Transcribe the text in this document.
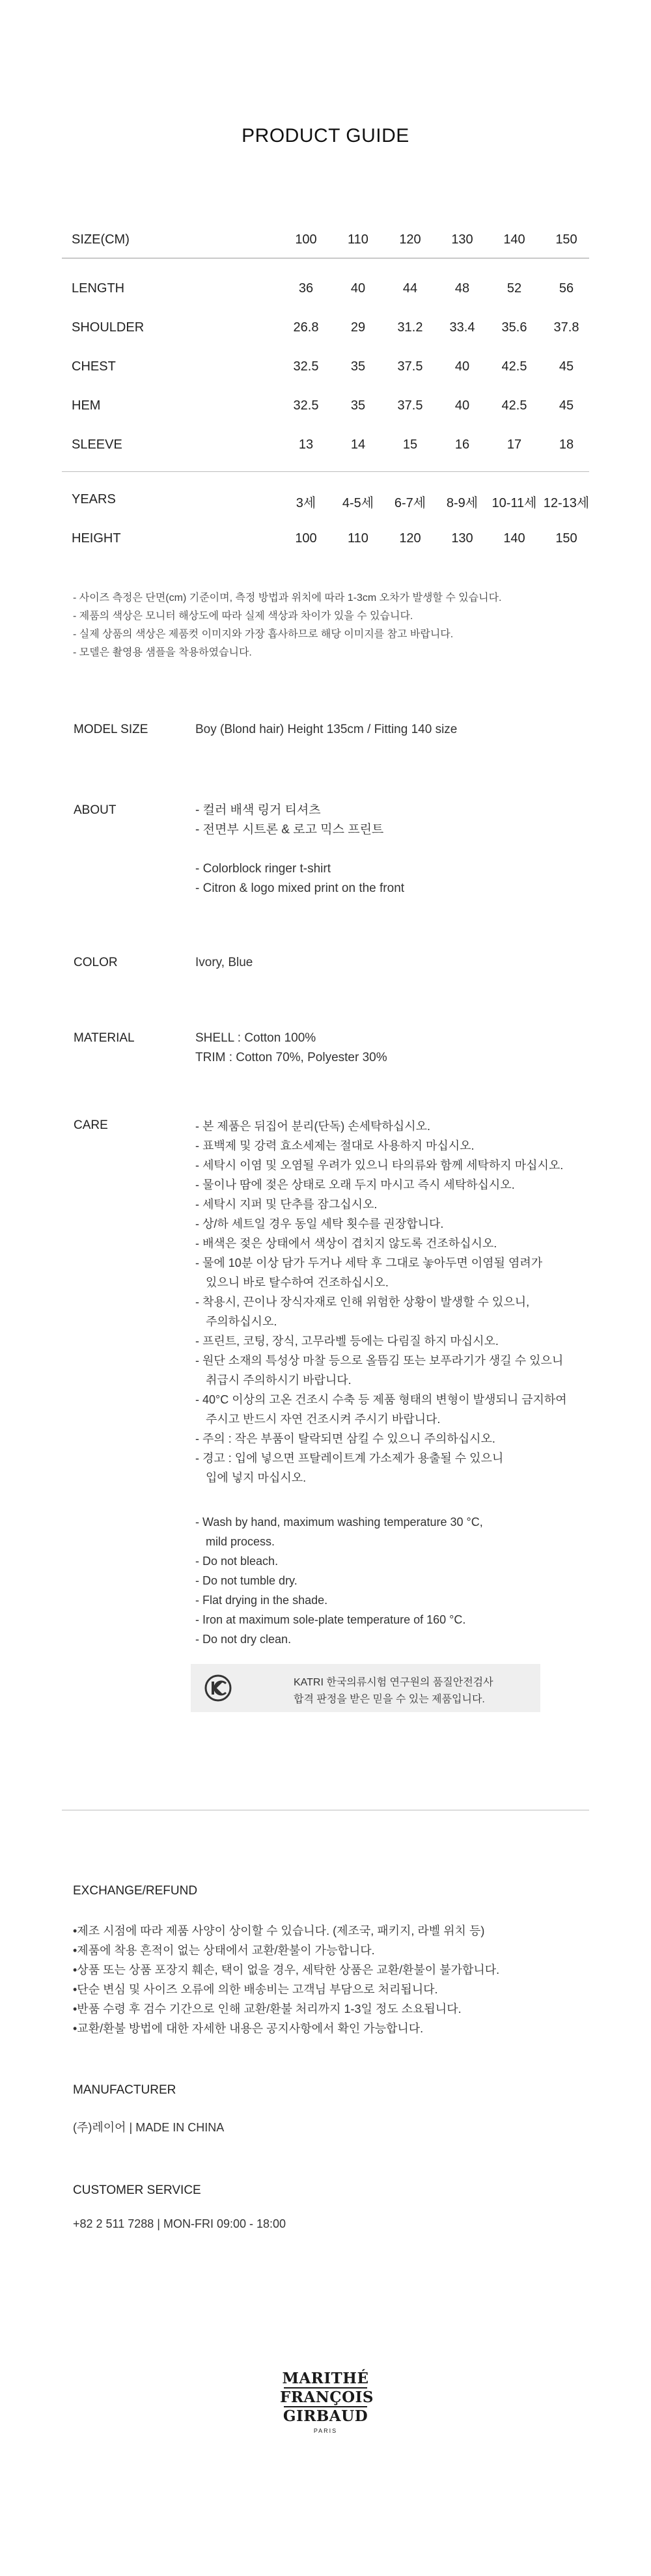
PRODUCT GUIDE
SIZE(CM)	100	110	120	130	140	150
LENGTH	36	40	44	48	52	56
SHOULDER	26.8	29	31.2	33.4	35.6	37.8
CHEST	32.5	35	37.5	40	42.5	45
HEM	32.5	35	37.5	40	42.5	45
SLEEVE	13	14	15	16	17	18
YEARS	3세	4-5세	6-7세	8-9세	10-11세 12-13세
HEIGHT	100	110	120	130	140	150
- 사이즈 측정은 단면(cm) 기준이며, 측정 방법과 위치에 따라 1-3cm 오차가 발생할 수 있습니다.
- 제품의 색상은 모니터 해상도에 따라 실제 색상과 차이가 있을 수 있습니다.
- 실제 상품의 색상은 제품컷 이미지와 가장 흡사하므로 해당 이미지를 참고 바랍니다.
- 모델은 촬영용 샘플을 착용하였습니다.
MODEL SIZE	Boy (Blond hair) Height 135cm / Fitting 140 size
ABOUT	- 컬러 배색 링거 티셔츠
- 전면부 시트론 & 로고 믹스 프린트
- Colorblock ringer t-shirt
- Citron & logo mixed print on the front
COLOR	Ivory, Blue
MATERIAL	SHELL : Cotton 100%
TRIM : Cotton 70%, Polyester 30%
CARE	- 본 제품은 뒤집어 분리(단독) 손세탁하십시오.
- 표백제 및 강력 효소세제는 절대로 사용하지 마십시오.
- 세탁시 이염 및 오염될 우려가 있으니 타의류와 함께 세탁하지 마십시오.
- 물이나 땀에 젖은 상태로 오래 두지 마시고 즉시 세탁하십시오.
- 세탁시 지퍼 및 단추를 잠그십시오.
- 상/하 세트일 경우 동일 세탁 횟수를 권장합니다.
- 배색은 젖은 상태에서 색상이 겹치지 않도록 건조하십시오.
- 물에 10분 이상 담가 두거나 세탁 후 그대로 놓아두면 이염될 염려가
있으니 바로 탈수하여 건조하십시오.
- 착용시, 끈이나 장식자재로 인해 위험한 상황이 발생할 수 있으니,
주의하십시오.
- 프린트, 코팅, 장식, 고무라벨 등에는 다림질 하지 마십시오.
- 원단 소재의 특성상 마찰 등으로 올뜸김 또는 보푸라기가 생길 수 있으니
취급시 주의하시기 바랍니다.
- 40°C 이상의 고온 건조시 수축 등 제품 형태의 변형이 발생되니 금지하여
주시고 반드시 자연 건조시켜 주시기 바랍니다.
- 주의 : 작은 부품이 탈락되면 삼킬 수 있으니 주의하십시오.
- 경고 : 입에 넣으면 프탈레이트계 가소제가 용출될 수 있으니
입에 넣지 마십시오.
- Wash by hand, maximum washing temperature 30 °C,
mild process.
- Do not bleach.
- Do not tumble dry.
- Flat drying in the shade.
- Iron at maximum sole-plate temperature of 160 °C.
- Do not dry clean.
KATRI 한국의류시험 연구원의 품질안전검사
합격 판정을 받은 믿을 수 있는 제품입니다.
EXCHANGE/REFUND
•제조 시점에 따라 제품 사양이 상이할 수 있습니다. (제조국, 패키지, 라벨 위치 등)
•제품에 착용 흔적이 없는 상태에서 교환/환불이 가능합니다.
•상품 또는 상품 포장지 훼손, 택이 없을 경우, 세탁한 상품은 교환/환불이 불가합니다.
•단순 변심 및 사이즈 오류에 의한 배송비는 고객님 부담으로 처리됩니다.
•반품 수령 후 검수 기간으로 인해 교환/환불 처리까지 1-3일 정도 소요됩니다.
•교환/환불 방법에 대한 자세한 내용은 공지사항에서 확인 가능합니다.
MANUFACTURER
(주)레이어 | MADE IN CHINA
CUSTOMER SERVICE
+82 2 511 7288 | MON-FRI 09:00 - 18:00
MARITHÉ
FRANÇOIS
GIRBAUD
PARIS
